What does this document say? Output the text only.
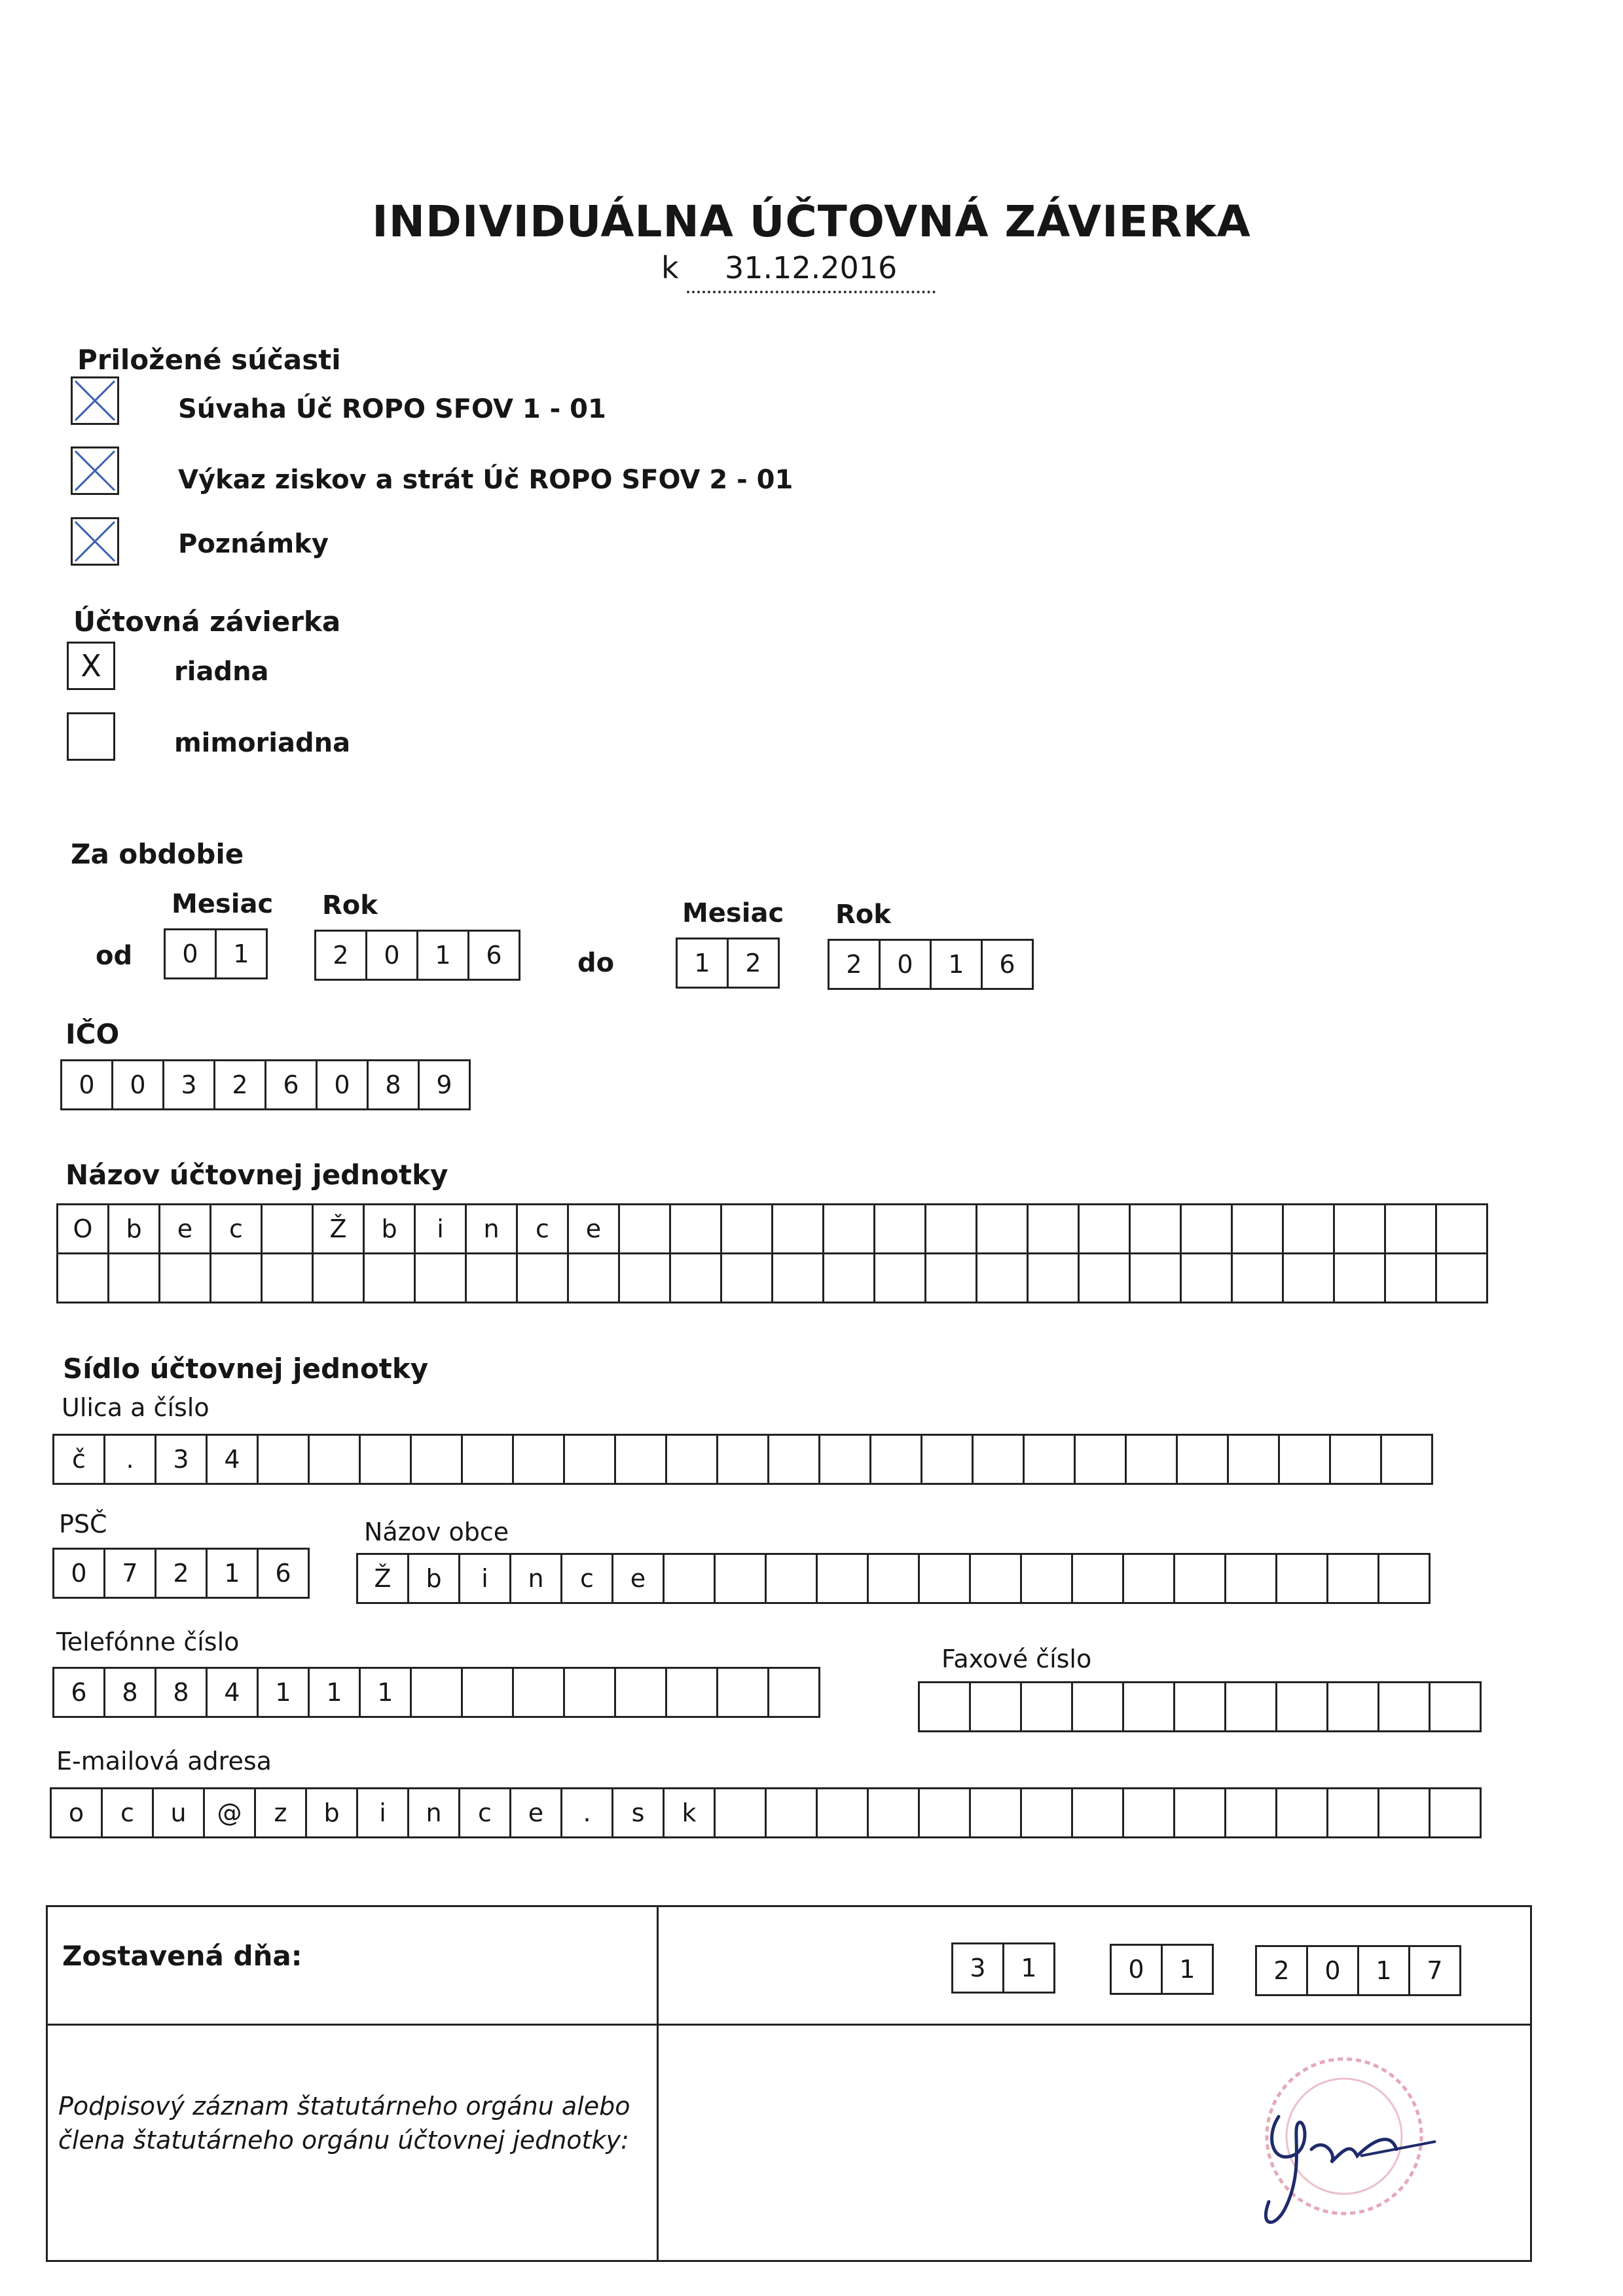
INDIVIDUÁLNA ÚČTOVNÁ ZÁVIERKA
k 31.12.2016
Priložené súčasti
Súvaha Úč ROPO SFOV 1 - 01
Výkaz ziskov a strát Úč ROPO SFOV 2 - 01
Poznámky
Účtovná závierka
X	riadna
mimoriadna
Za obdobie
Mesiac Rok
od	0	1	2	0	1	6	do
Mesiac Rok
1	2	2	0	1	6
IČO
0	0	3	2	6	0	8	9
Názov účtovnej jednotky
O	b	e	c	Ž	b	i	n	c	e
Sídlo účtovnej jednotky
Ulica a číslo
č	.	3	4
PSČ
0	7	2	1	6
Názov obce
Ž	b	i	n	c	e
Telefónne číslo
6	8	8	4	1	1	1
Faxové číslo
E-mailová adresa
o	c	u	@	z	b	i	n	c	e	.	s	k
Zostavená dňa:	3	1	0	1	2	0	1	7
Podpisový záznam štatutárneho orgánu alebo
člena štatutárneho orgánu účtovnej jednotky:
